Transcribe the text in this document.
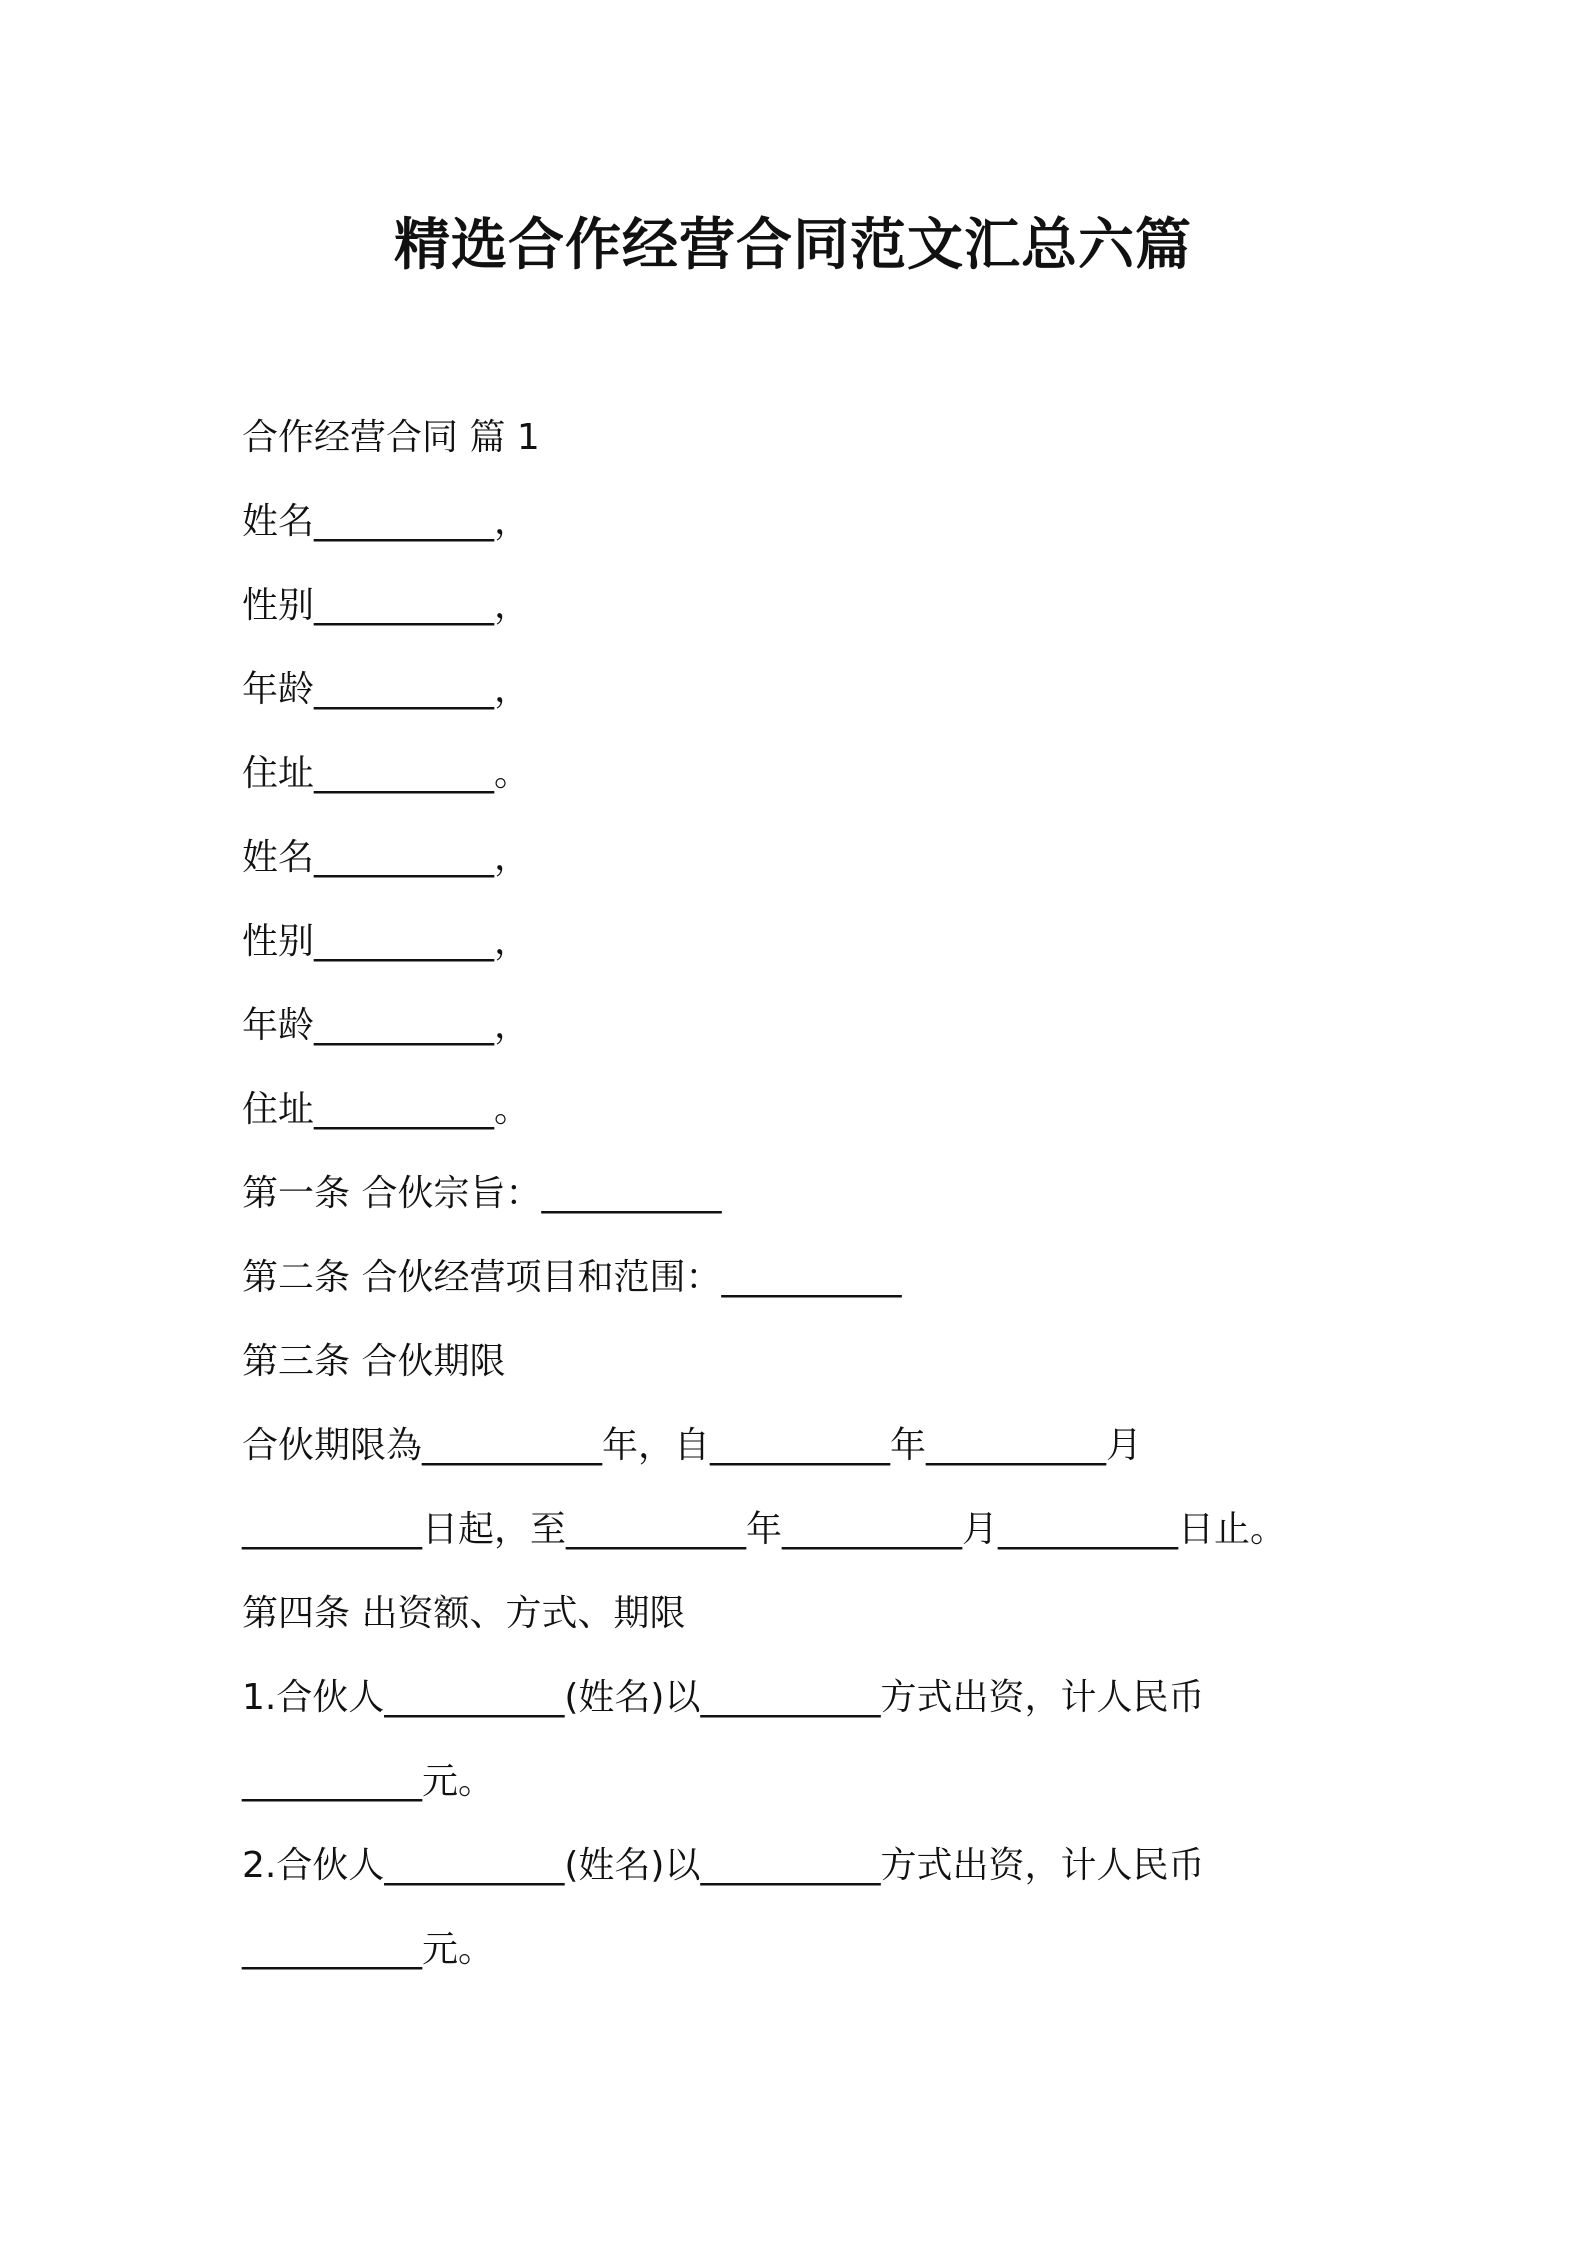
精选合作经营合同范文汇总六篇
合作经营合同 篇 1
姓名__________，
性别__________，
年龄__________，
住址__________。
姓名__________，
性别__________，
年龄__________，
住址__________。
第一条 合伙宗旨：__________
第二条 合伙经营项目和范围：__________
第三条 合伙期限
合伙期限為__________年，自__________年__________月
__________日起，至__________年__________月__________日止。
第四条 出资额、方式、期限
1.合伙人__________(姓名)以__________方式出资，计人民币
__________元。
2.合伙人__________(姓名)以__________方式出资，计人民币
__________元。
